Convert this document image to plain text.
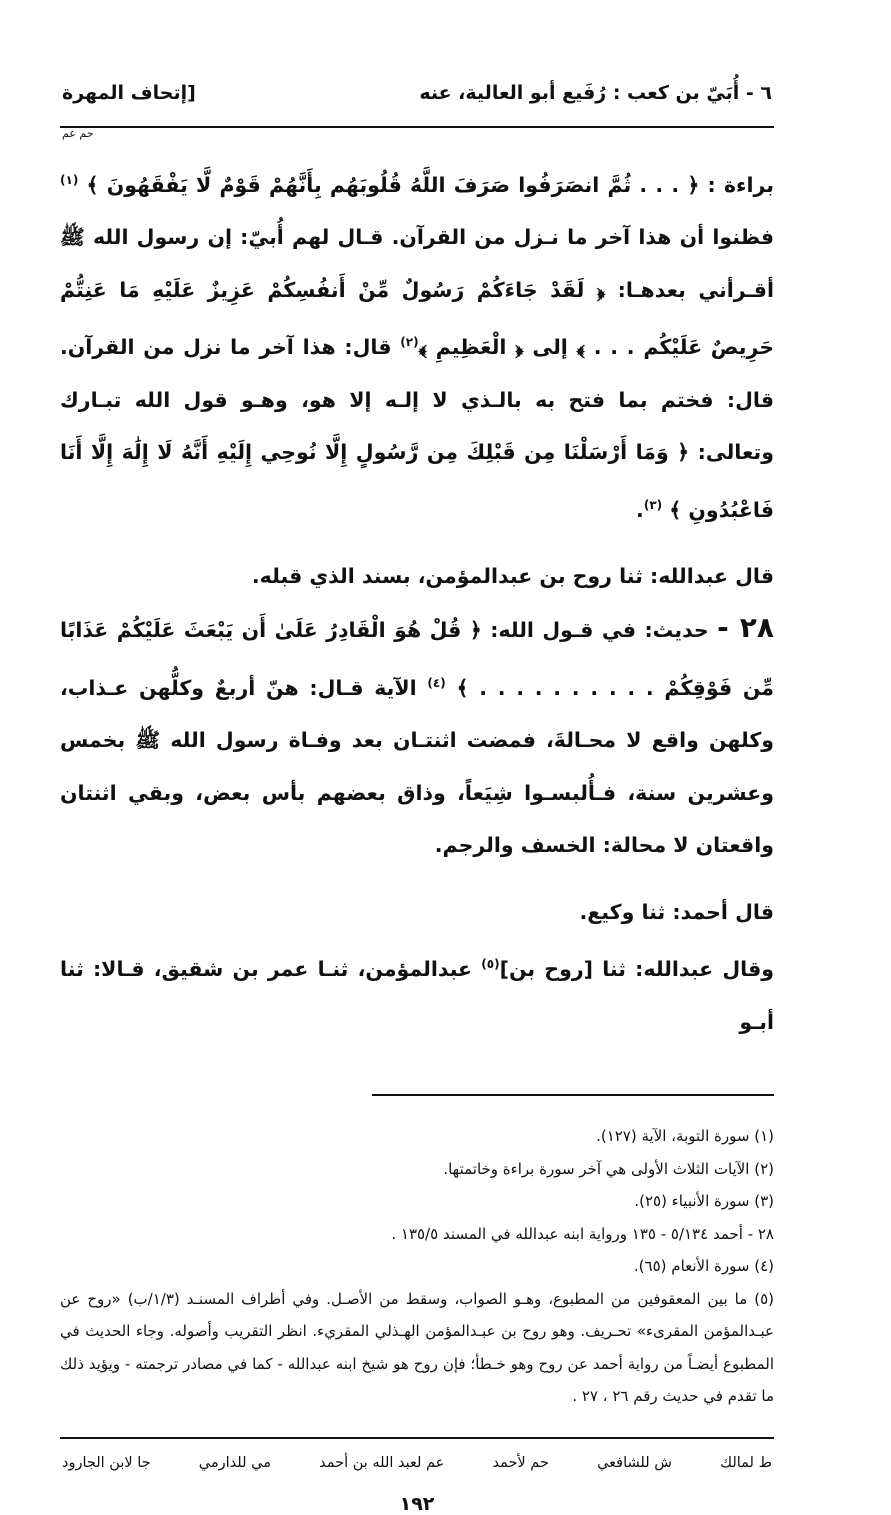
٦ - أُبَيّ بن كعب : رُفَيع أبو العالية، عنه
[إتحاف المهرة

براءة : ﴿ . . . ثُمَّ انصَرَفُوا صَرَفَ اللَّهُ قُلُوبَهُم بِأَنَّهُمْ قَوْمٌ لَّا يَفْقَهُونَ ﴾ $^{(١)}$ فظنوا أن هذا آخر ما نـزل من القرآن. قـال لهم أُبيّ: إن رسول الله ﷺ أقـرأني بعدهـا: ﴿ لَقَدْ جَاءَكُمْ رَسُولٌ مِّنْ أَنفُسِكُمْ عَزِيزٌ عَلَيْهِ مَا عَنِتُّمْ حَرِيصٌ عَلَيْكُم . . . ﴾ إلى ﴿ الْعَظِيمِ ﴾$^{(٢)}$ قال: هذا آخر ما نزل من القرآن. قال: فختم بما فتح به بالـذي لا إلـه إلا هو، وهـو قول الله تبـارك وتعالى: ﴿ وَمَا أَرْسَلْنَا مِن قَبْلِكَ مِن رَّسُولٍ إِلَّا نُوحِي إِلَيْهِ أَنَّهُ لَا إِلَٰهَ إِلَّا أَنَا فَاعْبُدُونِ ﴾ $^{(٣)}$.

قال عبدالله: ثنا روح بن عبدالمؤمن، بسند الذي قبله.

٢٨ - حديث: في قـول الله: ﴿ قُلْ هُوَ الْقَادِرُ عَلَىٰ أَن يَبْعَثَ عَلَيْكُمْ عَذَابًا مِّن فَوْقِكُمْ . . . . . . . . . . ﴾ $^{(٤)}$ الآية قـال: هنّ أربعٌ وكلُّهن عـذاب، وكلهن واقع لا محـالةَ، فمضت اثنتـان بعد وفـاة رسول الله ﷺ بخمس وعشرين سنة، فـأُلبسـوا شِيَعاً، وذاق بعضهم بأس بعض، وبقي اثنتان واقعتان لا محالة: الخسف والرجم.
حم عم

قال أحمد: ثنا وكيع.

وقال عبدالله: ثنا [روح بن]$^{(٥)}$ عبدالمؤمن، ثنـا عمر بن شقيق، قـالا: ثنا أبـو

(١) سورة التوبة، الآية (١٢٧).

(٢) الآيات الثلاث الأولى هي آخر سورة براءة وخاتمتها.

(٣) سورة الأنبياء (٢٥).

٢٨ - أحمد ٥/١٣٤ - ١٣٥ ورواية ابنه عبدالله في المسند ١٣٥/٥ .

(٤) سورة الأنعام (٦٥).

(٥) ما بين المعقوفين من المطبوع، وهـو الصواب، وسقط من الأصـل. وفي أطراف المسنـد (١/٣/ب) «روح عن عبـدالمؤمن المقرىء» تحـريف. وهو روح بن عبـدالمؤمن الهـذلي المقريء. انظر التقريب وأصوله. وجاء الحديث في المطبوع أيضـاً من رواية أحمد عن روح وهو خـطأ؛ فإن روح هو شيخ ابنه عبدالله - كما في مصادر ترجمته - ويؤيد ذلك ما تقدم في حديث رقم ٢٦ ، ٢٧ .

ط لمالك
ش للشافعي
حم لأحمد
عم لعبد الله بن أحمد
مي للدارمي
جا لابن الجارود
١٩٢
